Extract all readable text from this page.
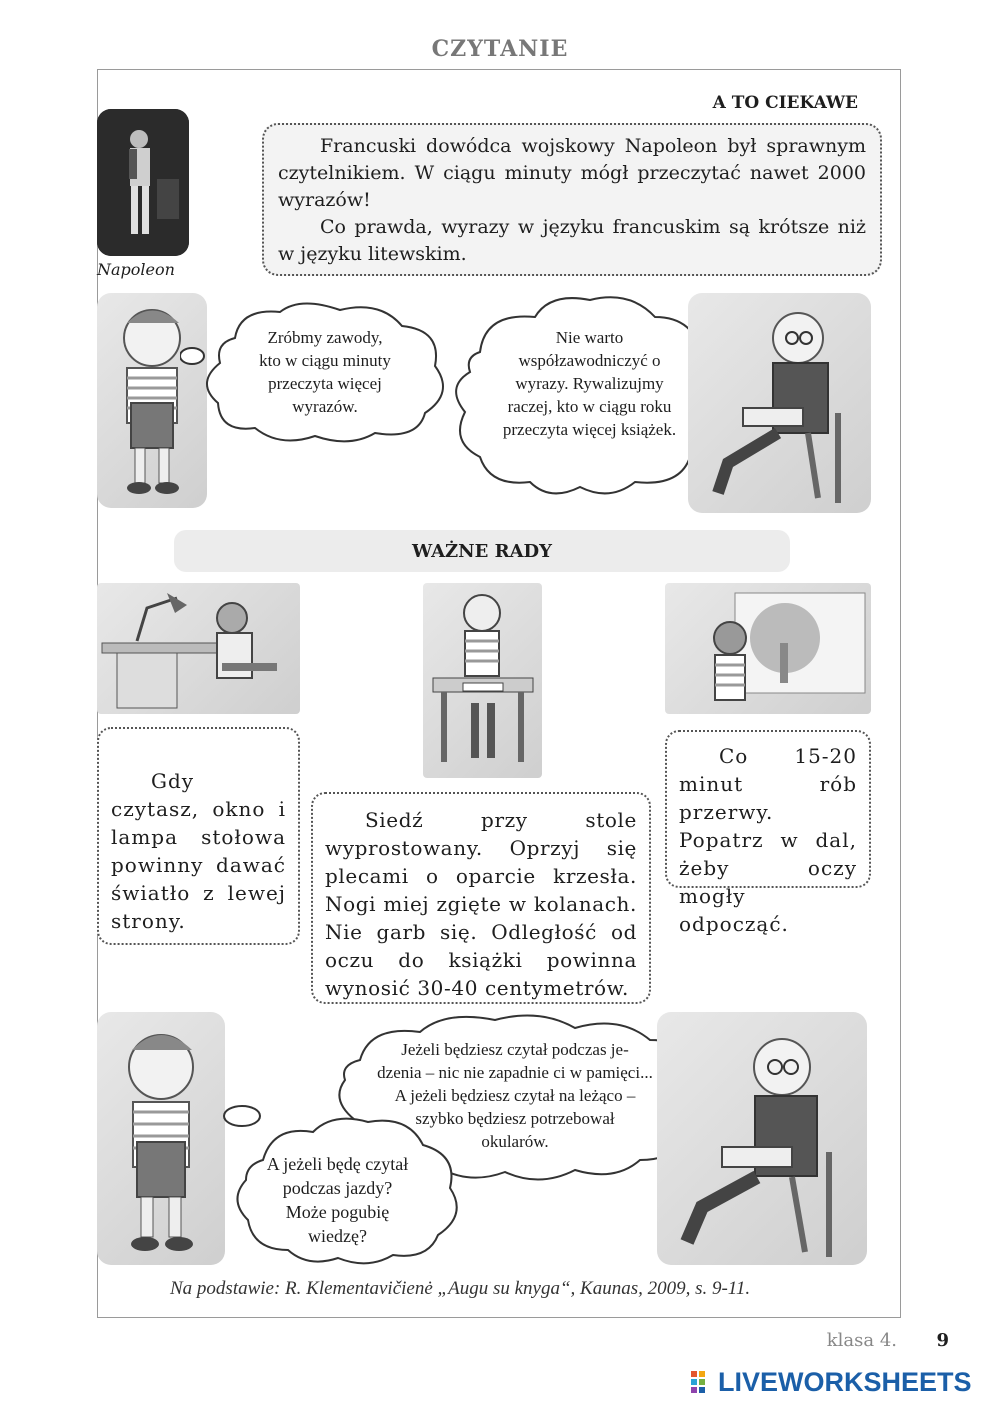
CZYTANIE
Napoleon
A TO CIEKAWE

Francuski dowódca wojskowy Napoleon był sprawnym czytelnikiem. W ciągu minuty mógł przeczytać nawet 2000 wyrazów!

Co prawda, wyrazy w języku francuskim są krótsze niż w języku litewskim.

Zróbmy zawody,
kto w ciągu minuty
przeczyta więcej
wyrazów.
Nie warto
współzawodniczyć o
wyrazy. Rywalizujmy
raczej, kto w ciągu roku
przeczyta więcej książek.
WAŻNE RADY

Gdy czytasz, okno i lampa stołowa powinny dawać światło z lewej strony.

Siedź przy stole wyprostowany. Oprzyj się plecami o oparcie krzesła. Nogi miej zgięte w kolanach. Nie garb się. Odległość od oczu do książki powinna wynosić 30-40 centymetrów.

Co 15-20 minut rób przerwy. Popatrz w dal, żeby oczy mogły odpocząć.

Jeżeli będziesz czytał podczas je-
dzenia – nic nie zapadnie ci w pamięci...
A jeżeli będziesz czytał na leżąco –
szybko będziesz potrzebował
okularów.
A jeżeli będę czytał
podczas jazdy?
Może pogubię
wiedzę?
Na podstawie: R. Klementavičienė „Augu su knyga“, Kaunas, 2009, s. 9-11.
klasa 4. 9
LIVEWORKSHEETS
